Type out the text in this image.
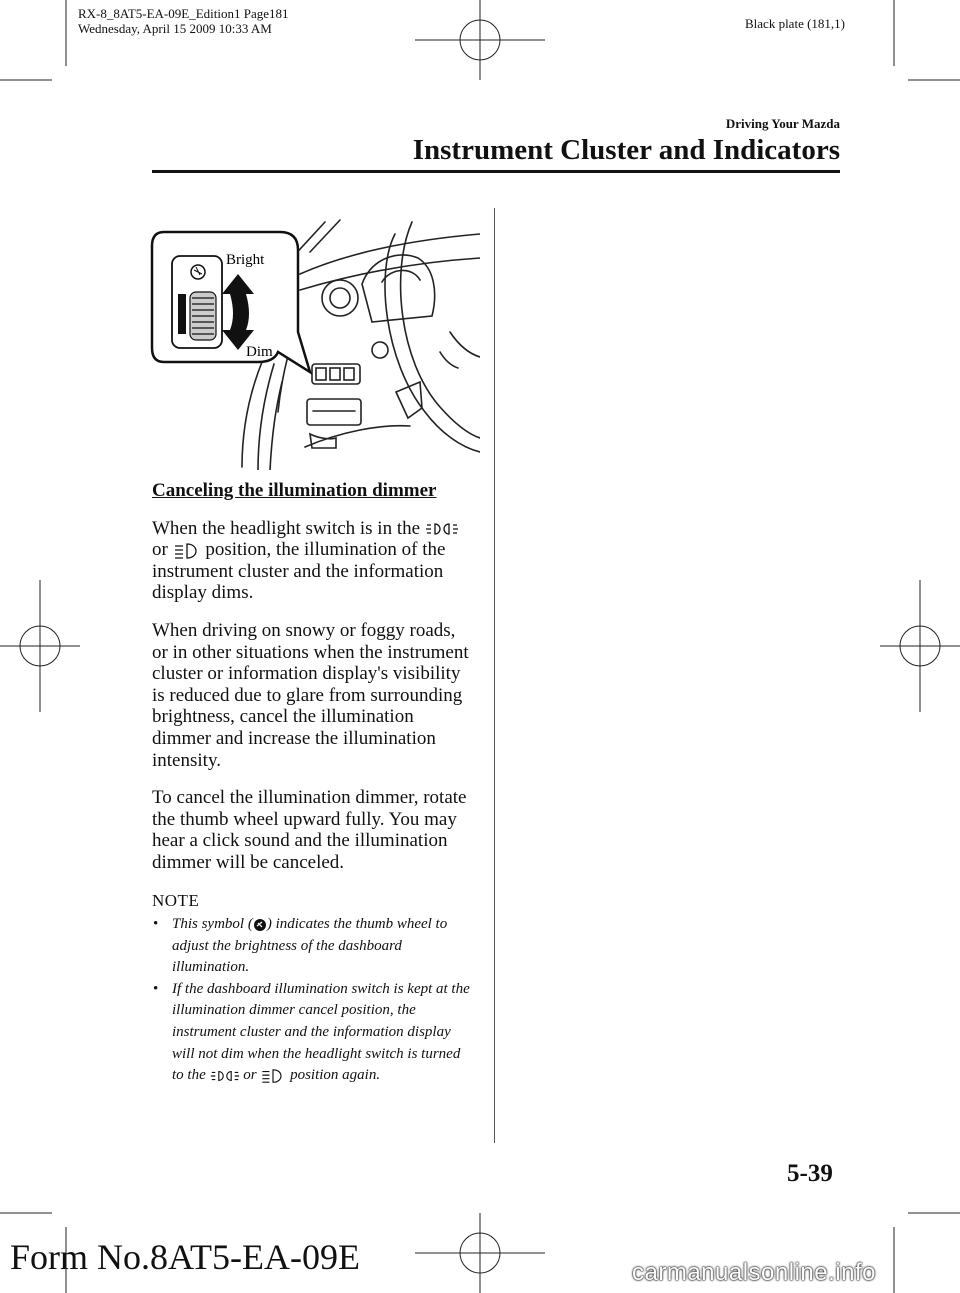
RX-8_8AT5-EA-09E_Edition1 Page181
Wednesday, April 15 2009 10:33 AM	Black plate (181,1)
Driving Your Mazda
Instrument Cluster and Indicators
Bright
Dim
Canceling the illumination dimmer

When the headlight switch is in the
or position, the illumination of the instrument cluster and the information display dims.

When driving on snowy or foggy roads, or in other situations when the instrument cluster or information display's visibility is reduced due to glare from surrounding brightness, cancel the illumination dimmer and increase the illumination intensity.

To cancel the illumination dimmer, rotate the thumb wheel upward fully. You may hear a click sound and the illumination dimmer will be canceled.

NOTE
• This symbol ( ) indicates the thumb wheel to adjust the brightness of the dashboard illumination.
• If the dashboard illumination switch is kept at the illumination dimmer cancel position, the instrument cluster and the information display will not dim when the headlight switch is turned to the	or position again.
5-39
Form No.8AT5-EA-09E	carmanualsonline.info
